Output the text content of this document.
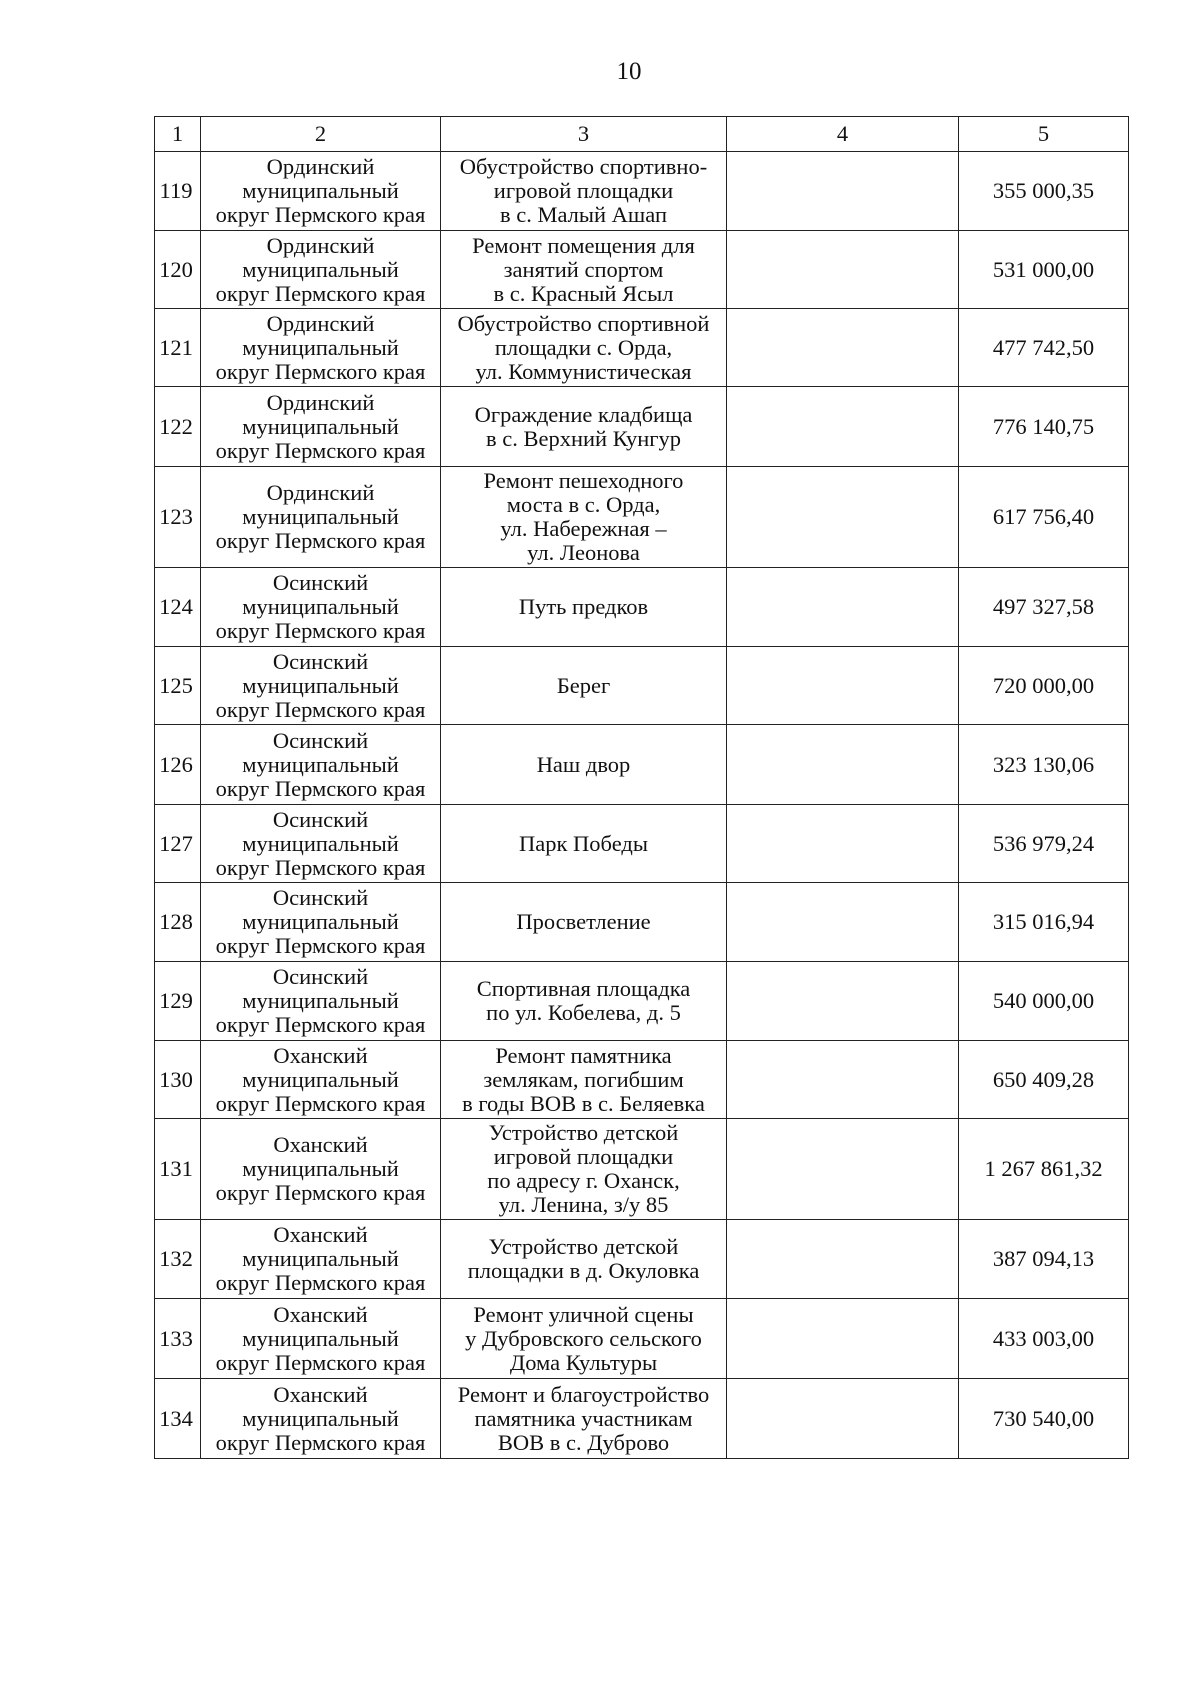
10
1	2	3	4	5
119	Ординский
муниципальный
округ Пермского края	Обустройство спортивно-
игровой площадки
в с. Малый Ашап		355 000,35
120	Ординский
муниципальный
округ Пермского края	Ремонт помещения для
занятий спортом
в с. Красный Ясыл		531 000,00
121	Ординский
муниципальный
округ Пермского края	Обустройство спортивной
площадки с. Орда,
ул. Коммунистическая		477 742,50
122	Ординский
муниципальный
округ Пермского края	Ограждение кладбища
в с. Верхний Кунгур		776 140,75
123	Ординский
муниципальный
округ Пермского края	Ремонт пешеходного
моста в с. Орда,
ул. Набережная –
ул. Леонова		617 756,40
124	Осинский
муниципальный
округ Пермского края	Путь предков		497 327,58
125	Осинский
муниципальный
округ Пермского края	Берег		720 000,00
126	Осинский
муниципальный
округ Пермского края	Наш двор		323 130,06
127	Осинский
муниципальный
округ Пермского края	Парк Победы		536 979,24
128	Осинский
муниципальный
округ Пермского края	Просветление		315 016,94
129	Осинский
муниципальный
округ Пермского края	Спортивная площадка
по ул. Кобелева, д. 5		540 000,00
130	Оханский
муниципальный
округ Пермского края	Ремонт памятника
землякам, погибшим
в годы ВОВ в с. Беляевка		650 409,28
131	Оханский
муниципальный
округ Пермского края	Устройство детской
игровой площадки
по адресу г. Оханск,
ул. Ленина, з/у 85		1 267 861,32
132	Оханский
муниципальный
округ Пермского края	Устройство детской
площадки в д. Окуловка		387 094,13
133	Оханский
муниципальный
округ Пермского края	Ремонт уличной сцены
у Дубровского сельского
Дома Культуры		433 003,00
134	Оханский
муниципальный
округ Пермского края	Ремонт и благоустройство
памятника участникам
ВОВ в с. Дуброво		730 540,00
